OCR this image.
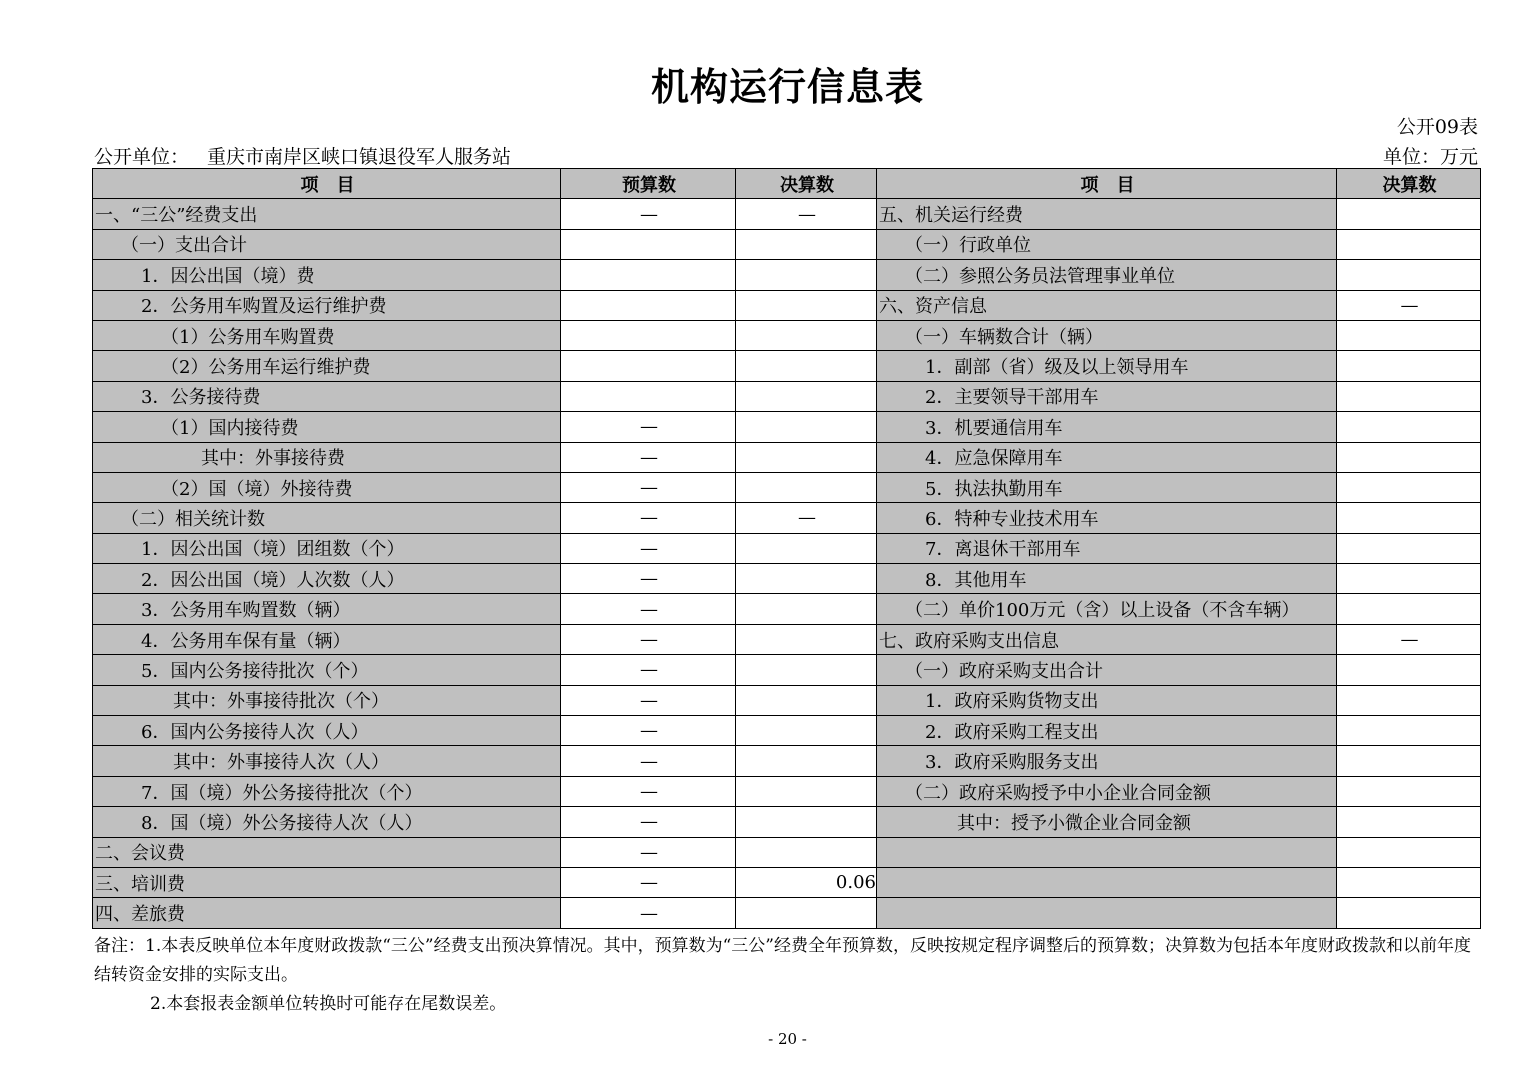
机构运行信息表
公开09表
公开单位： 重庆市南岸区峡口镇退役军人服务站	单位：万元
项　目	预算数	决算数	项　目	决算数
一、“三公”经费支出	—	—	五、机关运行经费	
（一）支出合计			（一）行政单位	
1．因公出国（境）费			（二）参照公务员法管理事业单位	
2．公务用车购置及运行维护费			六、资产信息	—
（1）公务用车购置费			（一）车辆数合计（辆）	
（2）公务用车运行维护费			1．副部（省）级及以上领导用车	
3．公务接待费			2．主要领导干部用车	
（1）国内接待费	—		3．机要通信用车	
其中：外事接待费	—		4．应急保障用车	
（2）国（境）外接待费	—		5．执法执勤用车	
（二）相关统计数	—	—	6．特种专业技术用车	
1．因公出国（境）团组数（个）	—		7．离退休干部用车	
2．因公出国（境）人次数（人）	—		8．其他用车	
3．公务用车购置数（辆）	—		（二）单价100万元（含）以上设备（不含车辆）	
4．公务用车保有量（辆）	—		七、政府采购支出信息	—
5．国内公务接待批次（个）	—		（一）政府采购支出合计	
其中：外事接待批次（个）	—		1．政府采购货物支出	
6．国内公务接待人次（人）	—		2．政府采购工程支出	
其中：外事接待人次（人）	—		3．政府采购服务支出	
7．国（境）外公务接待批次（个）	—		（二）政府采购授予中小企业合同金额	
8．国（境）外公务接待人次（人）	—		其中：授予小微企业合同金额	
二、会议费	—			
三、培训费	—	0.06		
四、差旅费	—			
备注：1.本表反映单位本年度财政拨款“三公”经费支出预决算情况。其中，预算数为“三公”经费全年预算数，反映按规定程序调整后的预算数；决算数为包括本年度财政拨款和以前年度结转资金安排的实际支出。
2.本套报表金额单位转换时可能存在尾数误差。
- 20 -
